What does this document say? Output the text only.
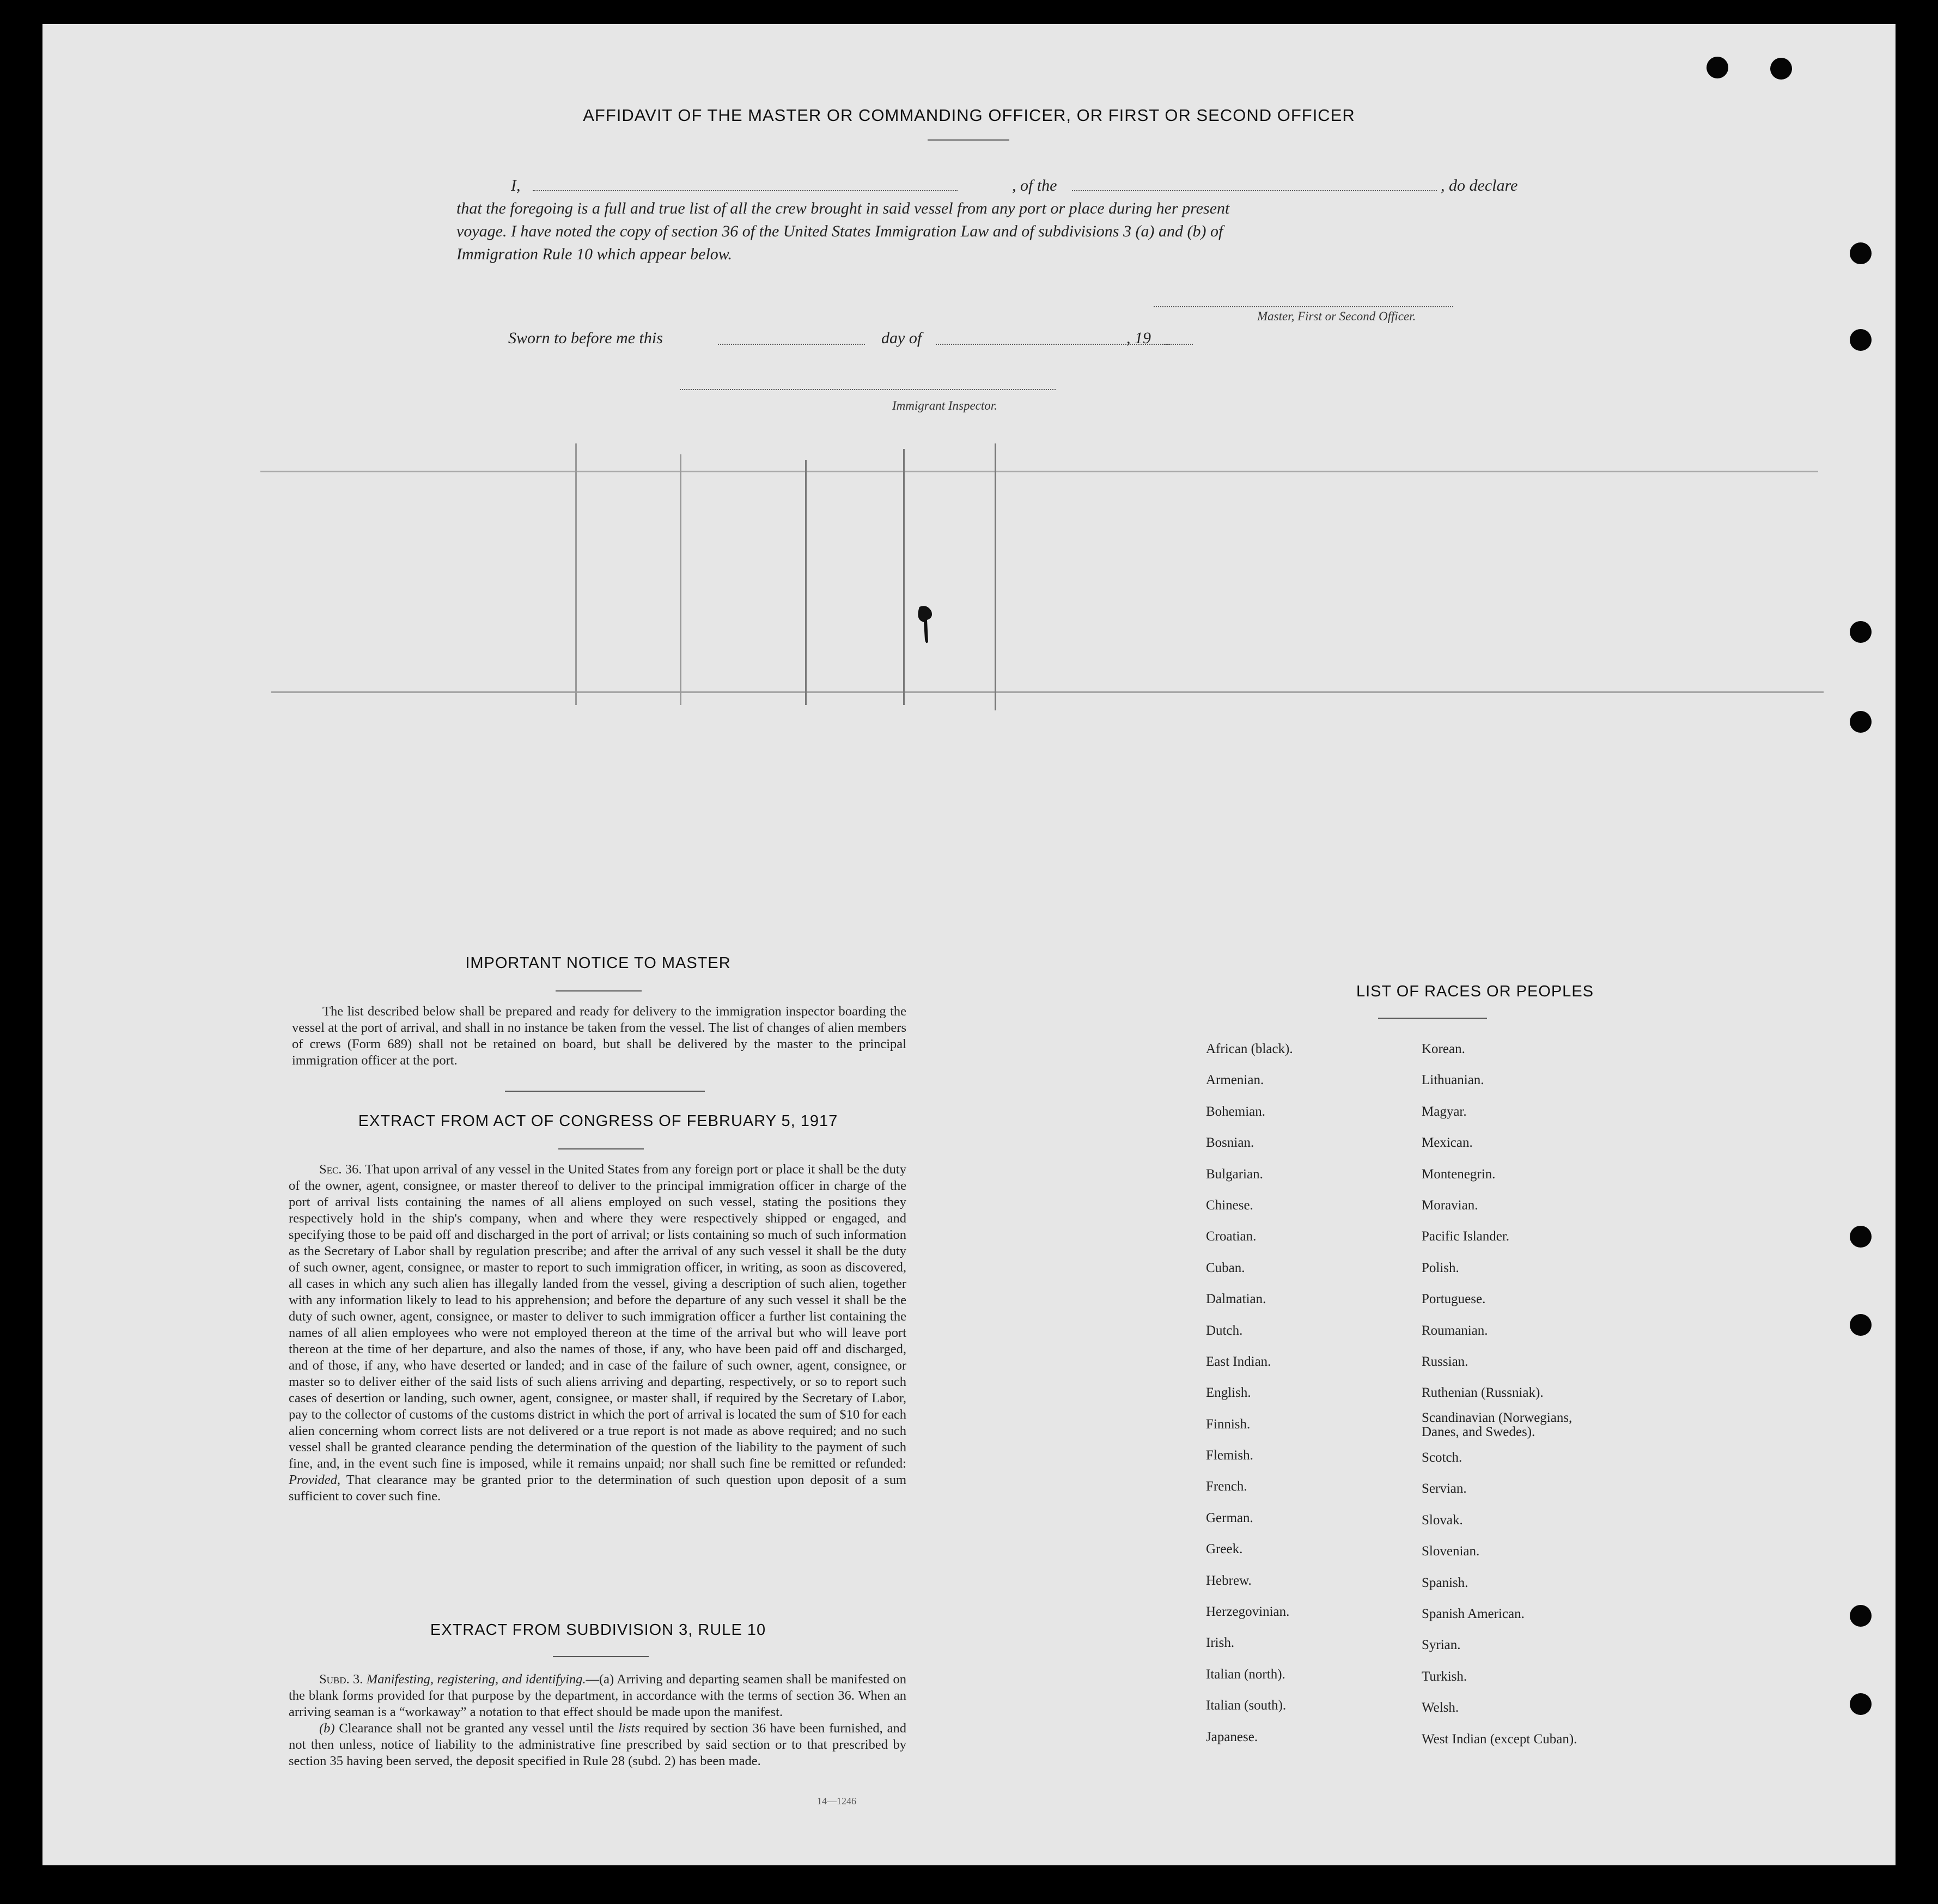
AFFIDAVIT OF THE MASTER OR COMMANDING OFFICER, OR FIRST OR SECOND OFFICER
I,	, of the	, do declare
that the foregoing is a full and true list of all the crew brought in said vessel from any port or place during her present
voyage. I have noted the copy of section 36 of the United States Immigration Law and of subdivisions 3 (a) and (b) of
Immigration Rule 10 which appear below.
Master, First or Second Officer.
Sworn to before me this	day of	, 19
Immigrant Inspector.
IMPORTANT NOTICE TO MASTER
The list described below shall be prepared and ready for delivery to the immigration inspector boarding the vessel at the port of arrival, and shall in no instance be taken from the vessel. The list of changes of alien members of crews (Form 689) shall not be retained on board, but shall be delivered by the master to the principal immigration officer at the port.
EXTRACT FROM ACT OF CONGRESS OF FEBRUARY 5, 1917
Sec. 36. That upon arrival of any vessel in the United States from any foreign port or place it shall be the duty of the owner, agent, consignee, or master thereof to deliver to the principal immigration officer in charge of the port of arrival lists containing the names of all aliens employed on such vessel, stating the positions they respectively hold in the ship's company, when and where they were respectively shipped or engaged, and specifying those to be paid off and discharged in the port of arrival; or lists containing so much of such information as the Secretary of Labor shall by regulation prescribe; and after the arrival of any such vessel it shall be the duty of such owner, agent, consignee, or master to report to such immigration officer, in writing, as soon as discovered, all cases in which any such alien has illegally landed from the vessel, giving a description of such alien, together with any information likely to lead to his apprehension; and before the departure of any such vessel it shall be the duty of such owner, agent, consignee, or master to deliver to such immigration officer a further list containing the names of all alien employees who were not employed thereon at the time of the arrival but who will leave port thereon at the time of her departure, and also the names of those, if any, who have been paid off and discharged, and of those, if any, who have deserted or landed; and in case of the failure of such owner, agent, consignee, or master so to deliver either of the said lists of such aliens arriving and departing, respectively, or so to report such cases of desertion or landing, such owner, agent, consignee, or master shall, if required by the Secretary of Labor, pay to the collector of customs of the customs district in which the port of arrival is located the sum of $10 for each alien concerning whom correct lists are not delivered or a true report is not made as above required; and no such vessel shall be granted clearance pending the determination of the question of the liability to the payment of such fine, and, in the event such fine is imposed, while it remains unpaid; nor shall such fine be remitted or refunded: Provided, That clearance may be granted prior to the determination of such question upon deposit of a sum sufficient to cover such fine.
EXTRACT FROM SUBDIVISION 3, RULE 10

Subd. 3. Manifesting, registering, and identifying.—(a) Arriving and departing seamen shall be manifested on the blank forms provided for that purpose by the department, in accordance with the terms of section 36. When an arriving seaman is a “workaway” a notation to that effect should be made upon the manifest.

(b) Clearance shall not be granted any vessel until the lists required by section 36 have been furnished, and not then unless, notice of liability to the administrative fine prescribed by said section or to that prescribed by section 35 having been served, the deposit specified in Rule 28 (subd. 2) has been made.

14—1246
LIST OF RACES OR PEOPLES
African (black).
Armenian.
Bohemian.
Bosnian.
Bulgarian.
Chinese.
Croatian.
Cuban.
Dalmatian.
Dutch.
East Indian.
English.
Finnish.
Flemish.
French.
German.
Greek.
Hebrew.
Herzegovinian.
Irish.
Italian (north).
Italian (south).
Japanese.
Korean.
Lithuanian.
Magyar.
Mexican.
Montenegrin.
Moravian.
Pacific Islander.
Polish.
Portuguese.
Roumanian.
Russian.
Ruthenian (Russniak).
Scandinavian (Norwegians, Danes, and Swedes).
Scotch.
Servian.
Slovak.
Slovenian.
Spanish.
Spanish American.
Syrian.
Turkish.
Welsh.
West Indian (except Cuban).
